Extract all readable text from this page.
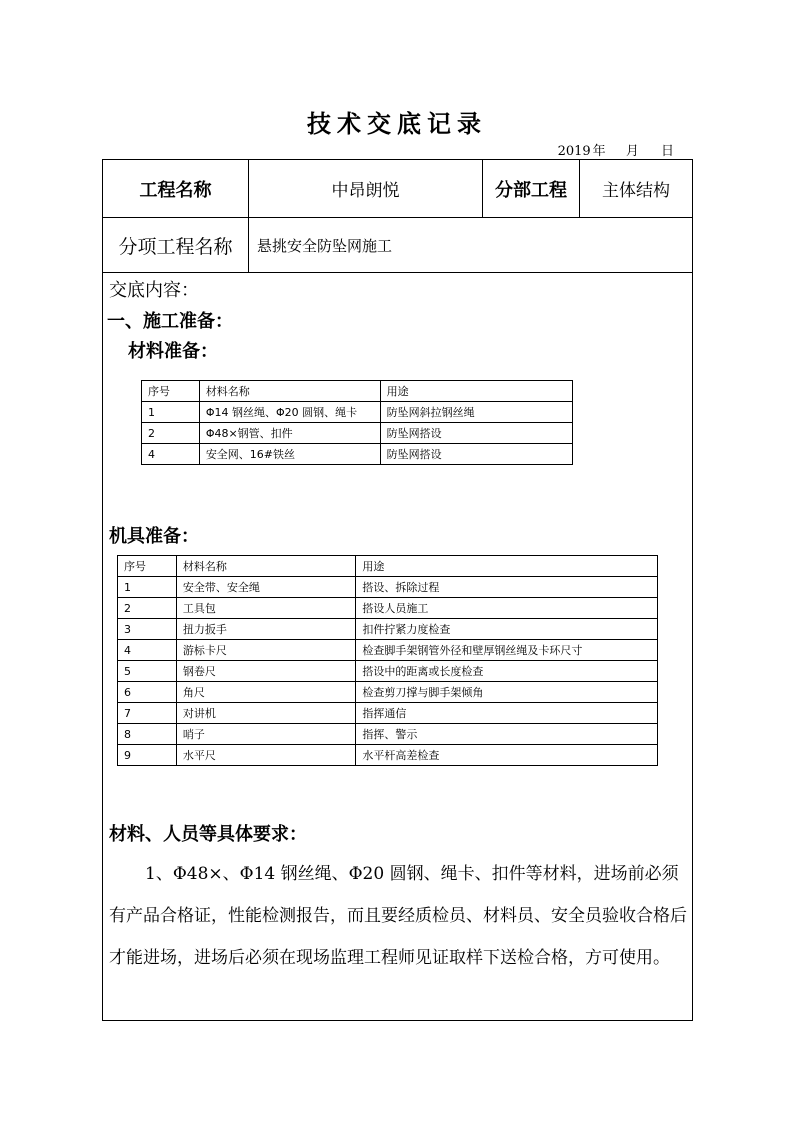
技术交底记录
2019 年 月 日
工程名称	中昂朗悦	分部工程	主体结构
分项工程名称	悬挑安全防坠网施工
交底内容：
一、施工准备：
材料准备：
序号	材料名称	用途
1	Φ14 钢丝绳、Φ20 圆钢、绳卡	防坠网斜拉钢丝绳
2	Φ48×钢管、扣件	防坠网搭设
4	安全网、16#铁丝	防坠网搭设
机具准备：
序号	材料名称	用途
1	安全带、安全绳	搭设、拆除过程
2	工具包	搭设人员施工
3	扭力扳手	扣件拧紧力度检查
4	游标卡尺	检查脚手架钢管外径和壁厚钢丝绳及卡环尺寸
5	钢卷尺	搭设中的距离或长度检查
6	角尺	检查剪刀撑与脚手架倾角
7	对讲机	指挥通信
8	哨子	指挥、警示
9	水平尺	水平杆高差检查
材料、人员等具体要求：
1、Φ48×、Φ14 钢丝绳、Φ20 圆钢、绳卡、扣件等材料，进场前必须有产品合格证，性能检测报告，而且要经质检员、材料员、安全员验收合格后才能进场，进场后必须在现场监理工程师见证取样下送检合格，方可使用。
